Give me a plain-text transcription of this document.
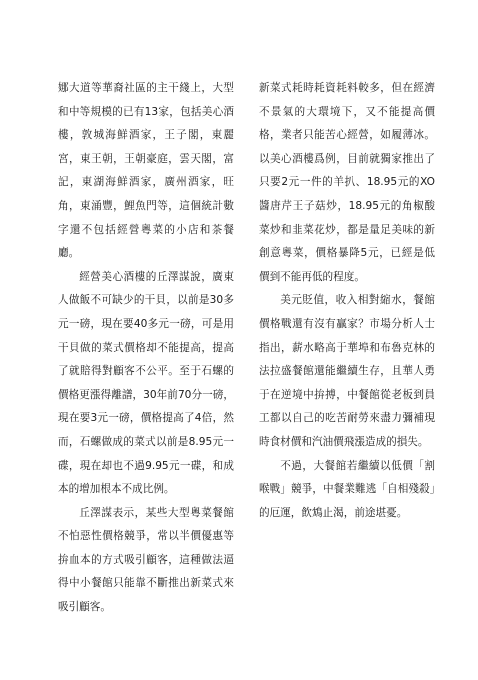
娜大道等華裔社區的主干綫上，大型和中等規模的已有13家，包括美心酒樓，敦城海鮮酒家，王子閣，東麗宮，東王朝，王朝豪庭，雲天閣，富記，東湖海鮮酒家，廣州酒家，旺角，東涌豐，鯉魚門等，這個統計數字還不包括經營粵菜的小店和茶餐廳。

經營美心酒樓的丘澤謀說，廣東人做飯不可缺少的干貝，以前是30多元一磅，現在要40多元一磅，可是用干貝做的菜式價格却不能提高，提高了就賠得對顧客不公平。至于石螺的價格更漲得離譜，30年前70分一磅，現在要3元一磅，價格提高了4倍，然而，石螺做成的菜式以前是8.95元一碟，現在却也不過9.95元一碟，和成本的增加根本不成比例。

丘澤謀表示，某些大型粵菜餐館不怕惡性價格競爭，常以半價優惠等拚血本的方式吸引顧客，這種做法逼得中小餐館只能靠不斷推出新菜式來吸引顧客。

新菜式耗時耗資耗料較多，但在經濟不景氣的大環境下，又不能提高價格，業者只能苦心經營，如履薄冰。以美心酒樓爲例，目前就獨家推出了只要2元一件的羊扒、18.95元的XO醬唐芹王子菇炒，18.95元的角椒酸菜炒和韭菜花炒，都是量足美味的新創意粵菜，價格暴降5元，已經是低價到不能再低的程度。

美元貶值，收入相對縮水，餐館價格戰還有沒有贏家？市場分析人士指出，薪水略高于華埠和布魯克林的法拉盛餐館還能繼續生存，且華人勇于在逆境中拚搏，中餐館從老板到員工都以自己的吃苦耐勞來盡力彌補現時食材價和汽油價飛漲造成的損失。

不過，大餐館若繼續以低價「割喉戰」競爭，中餐業難逃「自相殘殺」的厄運，飲鴆止渴，前途堪憂。
